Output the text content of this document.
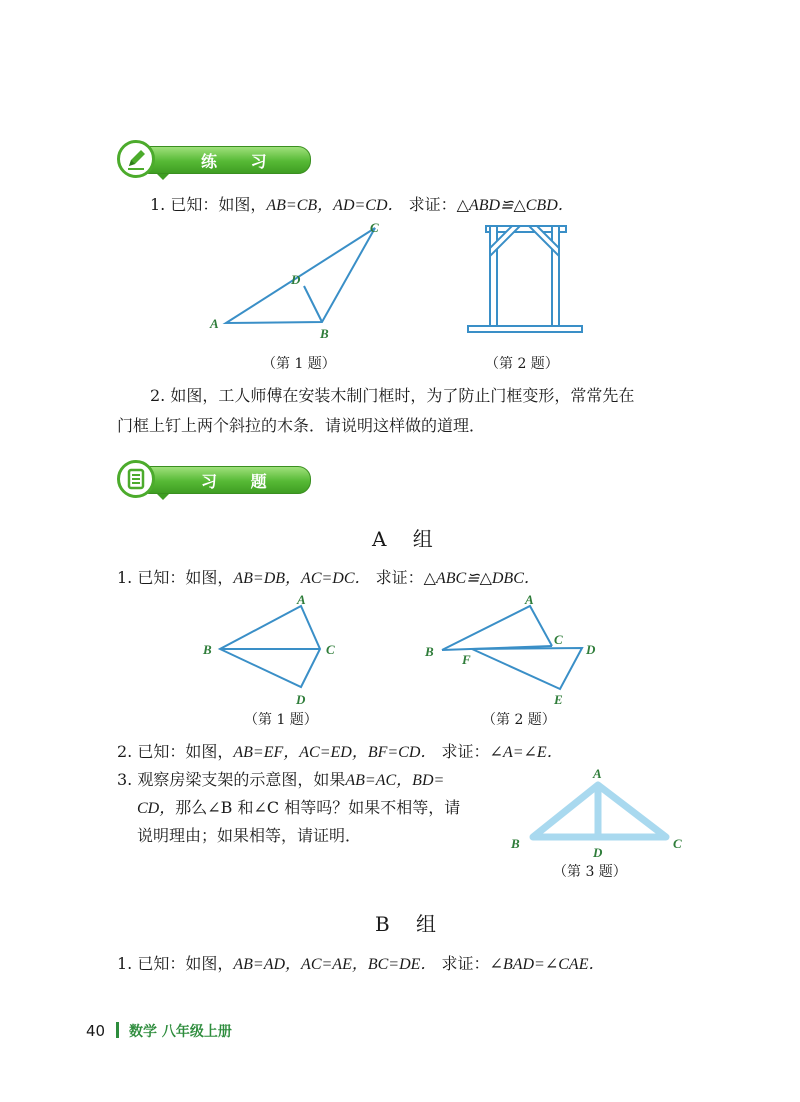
练 习
1. 已知：如图，AB=CB，AD=CD． 求证：△ABD≌△CBD．
A
B
C
D
（第 1 题）	（第 2 题）
2. 如图，工人师傅在安装木制门框时，为了防止门框变形，常常先在
门框上钉上两个斜拉的木条．请说明这样做的道理．
习 题
A 组
1. 已知：如图，AB=DB，AC=DC． 求证：△ABC≌△DBC．
A
B	C
D
A
B
C
D
E
F
（第 1 题）	（第 2 题）
2. 已知：如图，AB=EF，AC=ED，BF=CD． 求证：∠A=∠E．
3. 观察房梁支架的示意图，如果AB=AC，BD=
CD，那么∠B 和∠C 相等吗？如果不相等，请
说明理由；如果相等，请证明．
A
B	C
D
（第 3 题）
B 组
1. 已知：如图，AB=AD，AC=AE，BC=DE． 求证：∠BAD=∠CAE．
40 数学 八年级上册
